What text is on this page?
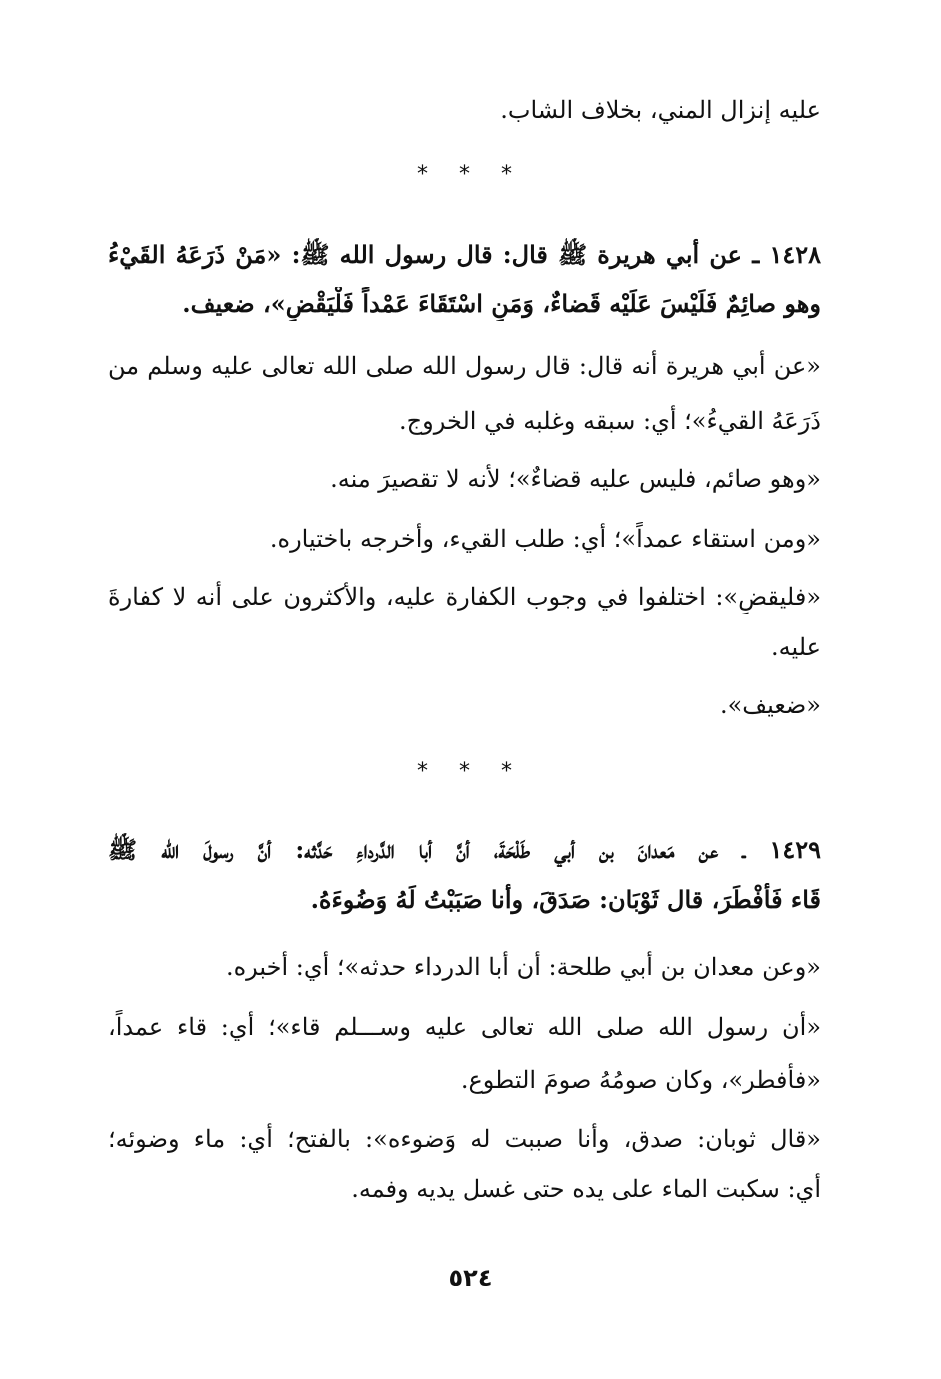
عليه إنزال المني، بخلاف الشاب.
* * *
١٤٢٨ ـ عن أبي هريرة ﷺ قال: قال رسول الله ﷺ: «مَنْ ذَرَعَهُ القَيْءُ
وهو صائِمٌ فَلَيْسَ عَلَيْه قَضاءٌ، وَمَنِ اسْتَقَاءَ عَمْداً فَلْيَقْضِ»، ضعيف.
«عن أبي هريرة أنه قال: قال رسول الله صلى الله تعالى عليه وسلم من
ذَرَعَهُ القيءُ»؛ أي: سبقه وغلبه في الخروج.
«وهو صائم، فليس عليه قضاءٌ»؛ لأنه لا تقصيرَ منه.
«ومن استقاء عمداً»؛ أي: طلب القيء، وأخرجه باختياره.
«فليقضِ»: اختلفوا في وجوب الكفارة عليه، والأكثرون على أنه لا كفارةَ
عليه.
«ضعيف».
* * *
١٤٢٩ ـ عن مَعدانَ بن أبي طَلْحَةَ، أنَّ أبا الدَّرداءِ حَدَّثه: أنَّ رسولَ الله ﷺ
قَاء فَأَفْطَرَ، قال ثَوْبَان: صَدَقَ، وأنا صَبَبْتُ لَهُ وَضُوءَهُ.
«وعن معدان بن أبي طلحة: أن أبا الدرداء حدثه»؛ أي: أخبره.
«أن رسول الله صلى الله تعالى عليه وســـلم قاء»؛ أي: قاء عمداً،
«فأفطر»، وكان صومُهُ صومَ التطوع.
«قال ثوبان: صدق، وأنا صببت له وَضوءه»: بالفتح؛ أي: ماء وضوئه؛
أي: سكبت الماء على يده حتى غسل يديه وفمه.
٥٢٤
